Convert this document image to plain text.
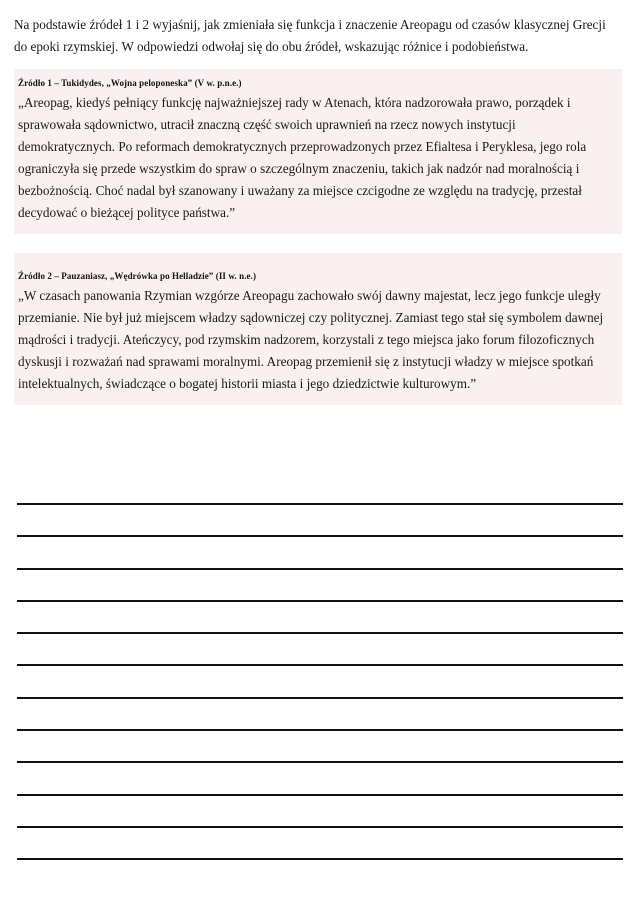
Na podstawie źródeł 1 i 2 wyjaśnij, jak zmieniała się funkcja i znaczenie Areopagu od czasów klasycznej Grecji do epoki rzymskiej. W odpowiedzi odwołaj się do obu źródeł, wskazując różnice i podobieństwa.

Źródło 1 – Tukidydes, „Wojna peloponeska” (V w. p.n.e.)
„Areopag, kiedyś pełniący funkcję najważniejszej rady w Atenach, która nadzorowała prawo, porządek i sprawowała sądownictwo, utracił znaczną część swoich uprawnień na rzecz nowych instytucji demokratycznych. Po reformach demokratycznych przeprowadzonych przez Efialtesa i Peryklesa, jego rola ograniczyła się przede wszystkim do spraw o szczególnym znaczeniu, takich jak nadzór nad moralnością i bezbożnością. Choć nadal był szanowany i uważany za miejsce czcigodne ze względu na tradycję, przestał decydować o bieżącej polityce państwa.”
Źródło 2 – Pauzaniasz, „Wędrówka po Helladzie” (II w. n.e.)
„W czasach panowania Rzymian wzgórze Areopagu zachowało swój dawny majestat, lecz jego funkcje uległy przemianie. Nie był już miejscem władzy sądowniczej czy politycznej. Zamiast tego stał się symbolem dawnej mądrości i tradycji. Ateńczycy, pod rzymskim nadzorem, korzystali z tego miejsca jako forum filozoficznych dyskusji i rozważań nad sprawami moralnymi. Areopag przemienił się z instytucji władzy w miejsce spotkań intelektualnych, świadczące o bogatej historii miasta i jego dziedzictwie kulturowym.”
